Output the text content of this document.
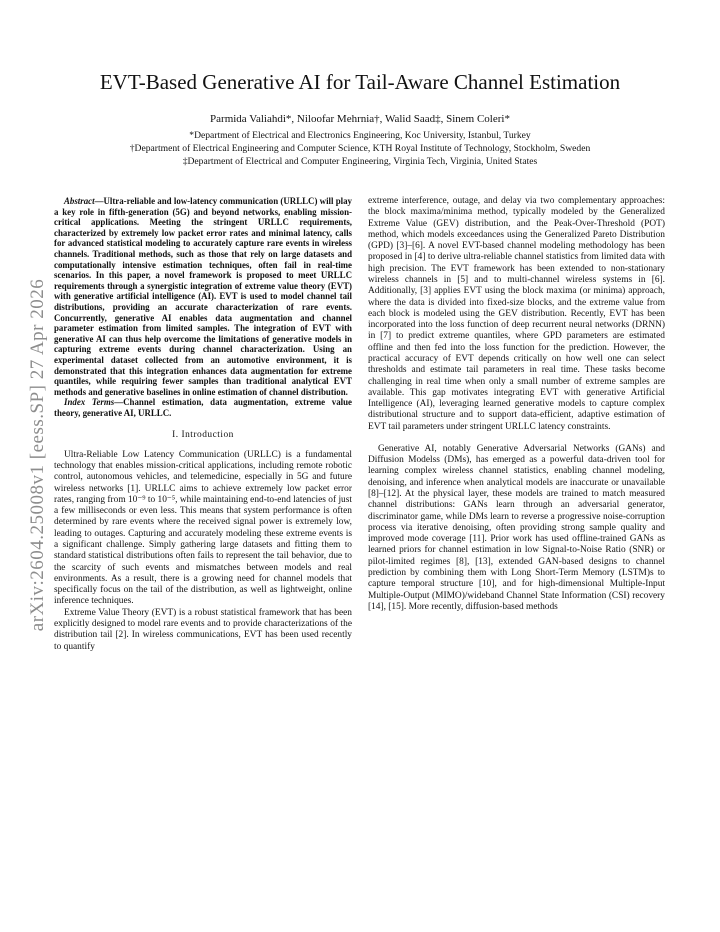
arXiv:2604.25008v1 [eess.SP] 27 Apr 2026
EVT-Based Generative AI for Tail-Aware Channel Estimation
Parmida Valiahdi*, Niloofar Mehrnia†, Walid Saad‡, Sinem Coleri*
*Department of Electrical and Electronics Engineering, Koc University, Istanbul, Turkey
†Department of Electrical Engineering and Computer Science, KTH Royal Institute of Technology, Stockholm, Sweden
‡Department of Electrical and Computer Engineering, Virginia Tech, Virginia, United States

Abstract—Ultra-reliable and low-latency communication (URLLC) will play a key role in fifth-generation (5G) and beyond networks, enabling mission-critical applications. Meeting the stringent URLLC requirements, characterized by extremely low packet error rates and minimal latency, calls for advanced statistical modeling to accurately capture rare events in wireless channels. Traditional methods, such as those that rely on large datasets and computationally intensive estimation techniques, often fail in real-time scenarios. In this paper, a novel framework is proposed to meet URLLC requirements through a synergistic integration of extreme value theory (EVT) with generative artificial intelligence (AI). EVT is used to model channel tail distributions, providing an accurate characterization of rare events. Concurrently, generative AI enables data augmentation and channel parameter estimation from limited samples. The integration of EVT with generative AI can thus help overcome the limitations of generative models in capturing extreme events during channel characterization. Using an experimental dataset collected from an automotive environment, it is demonstrated that this integration enhances data augmentation for extreme quantiles, while requiring fewer samples than traditional analytical EVT methods and generative baselines in online estimation of channel distribution.

Index Terms—Channel estimation, data augmentation, extreme value theory, generative AI, URLLC.

I. Introduction

Ultra-Reliable Low Latency Communication (URLLC) is a fundamental technology that enables mission-critical applications, including remote robotic control, autonomous vehicles, and telemedicine, especially in 5G and future wireless networks [1]. URLLC aims to achieve extremely low packet error rates, ranging from 10⁻⁹ to 10⁻⁵, while maintaining end-to-end latencies of just a few milliseconds or even less. This means that system performance is often determined by rare events where the received signal power is extremely low, leading to outages. Capturing and accurately modeling these extreme events is a significant challenge. Simply gathering large datasets and fitting them to standard statistical distributions often fails to represent the tail behavior, due to the scarcity of such events and mismatches between models and real environments. As a result, there is a growing need for channel models that specifically focus on the tail of the distribution, as well as lightweight, online inference techniques.

Extreme Value Theory (EVT) is a robust statistical framework that has been explicitly designed to model rare events and to provide characterizations of the distribution tail [2]. In wireless communications, EVT has been used recently to quantify

extreme interference, outage, and delay via two complementary approaches: the block maxima/minima method, typically modeled by the Generalized Extreme Value (GEV) distribution, and the Peak-Over-Threshold (POT) method, which models exceedances using the Generalized Pareto Distribution (GPD) [3]–[6]. A novel EVT-based channel modeling methodology has been proposed in [4] to derive ultra-reliable channel statistics from limited data with high precision. The EVT framework has been extended to non-stationary wireless channels in [5] and to multi-channel wireless systems in [6]. Additionally, [3] applies EVT using the block maxima (or minima) approach, where the data is divided into fixed-size blocks, and the extreme value from each block is modeled using the GEV distribution. Recently, EVT has been incorporated into the loss function of deep recurrent neural networks (DRNN) in [7] to predict extreme quantiles, where GPD parameters are estimated offline and then fed into the loss function for the prediction. However, the practical accuracy of EVT depends critically on how well one can select thresholds and estimate tail parameters in real time. These tasks become challenging in real time when only a small number of extreme samples are available. This gap motivates integrating EVT with generative Artificial Intelligence (AI), leveraging learned generative models to capture complex distributional structure and to support data-efficient, adaptive estimation of EVT tail parameters under stringent URLLC latency constraints.

Generative AI, notably Generative Adversarial Networks (GANs) and Diffusion Modelss (DMs), has emerged as a powerful data-driven tool for learning complex wireless channel statistics, enabling channel modeling, denoising, and inference when analytical models are inaccurate or unavailable [8]–[12]. At the physical layer, these models are trained to match measured channel distributions: GANs learn through an adversarial generator, discriminator game, while DMs learn to reverse a progressive noise-corruption process via iterative denoising, often providing strong sample quality and improved mode coverage [11]. Prior work has used offline-trained GANs as learned priors for channel estimation in low Signal-to-Noise Ratio (SNR) or pilot-limited regimes [8], [13], extended GAN-based designs to channel prediction by combining them with Long Short-Term Memory (LSTM)s to capture temporal structure [10], and for high-dimensional Multiple-Input Multiple-Output (MIMO)/wideband Channel State Information (CSI) recovery [14], [15]. More recently, diffusion-based methods
